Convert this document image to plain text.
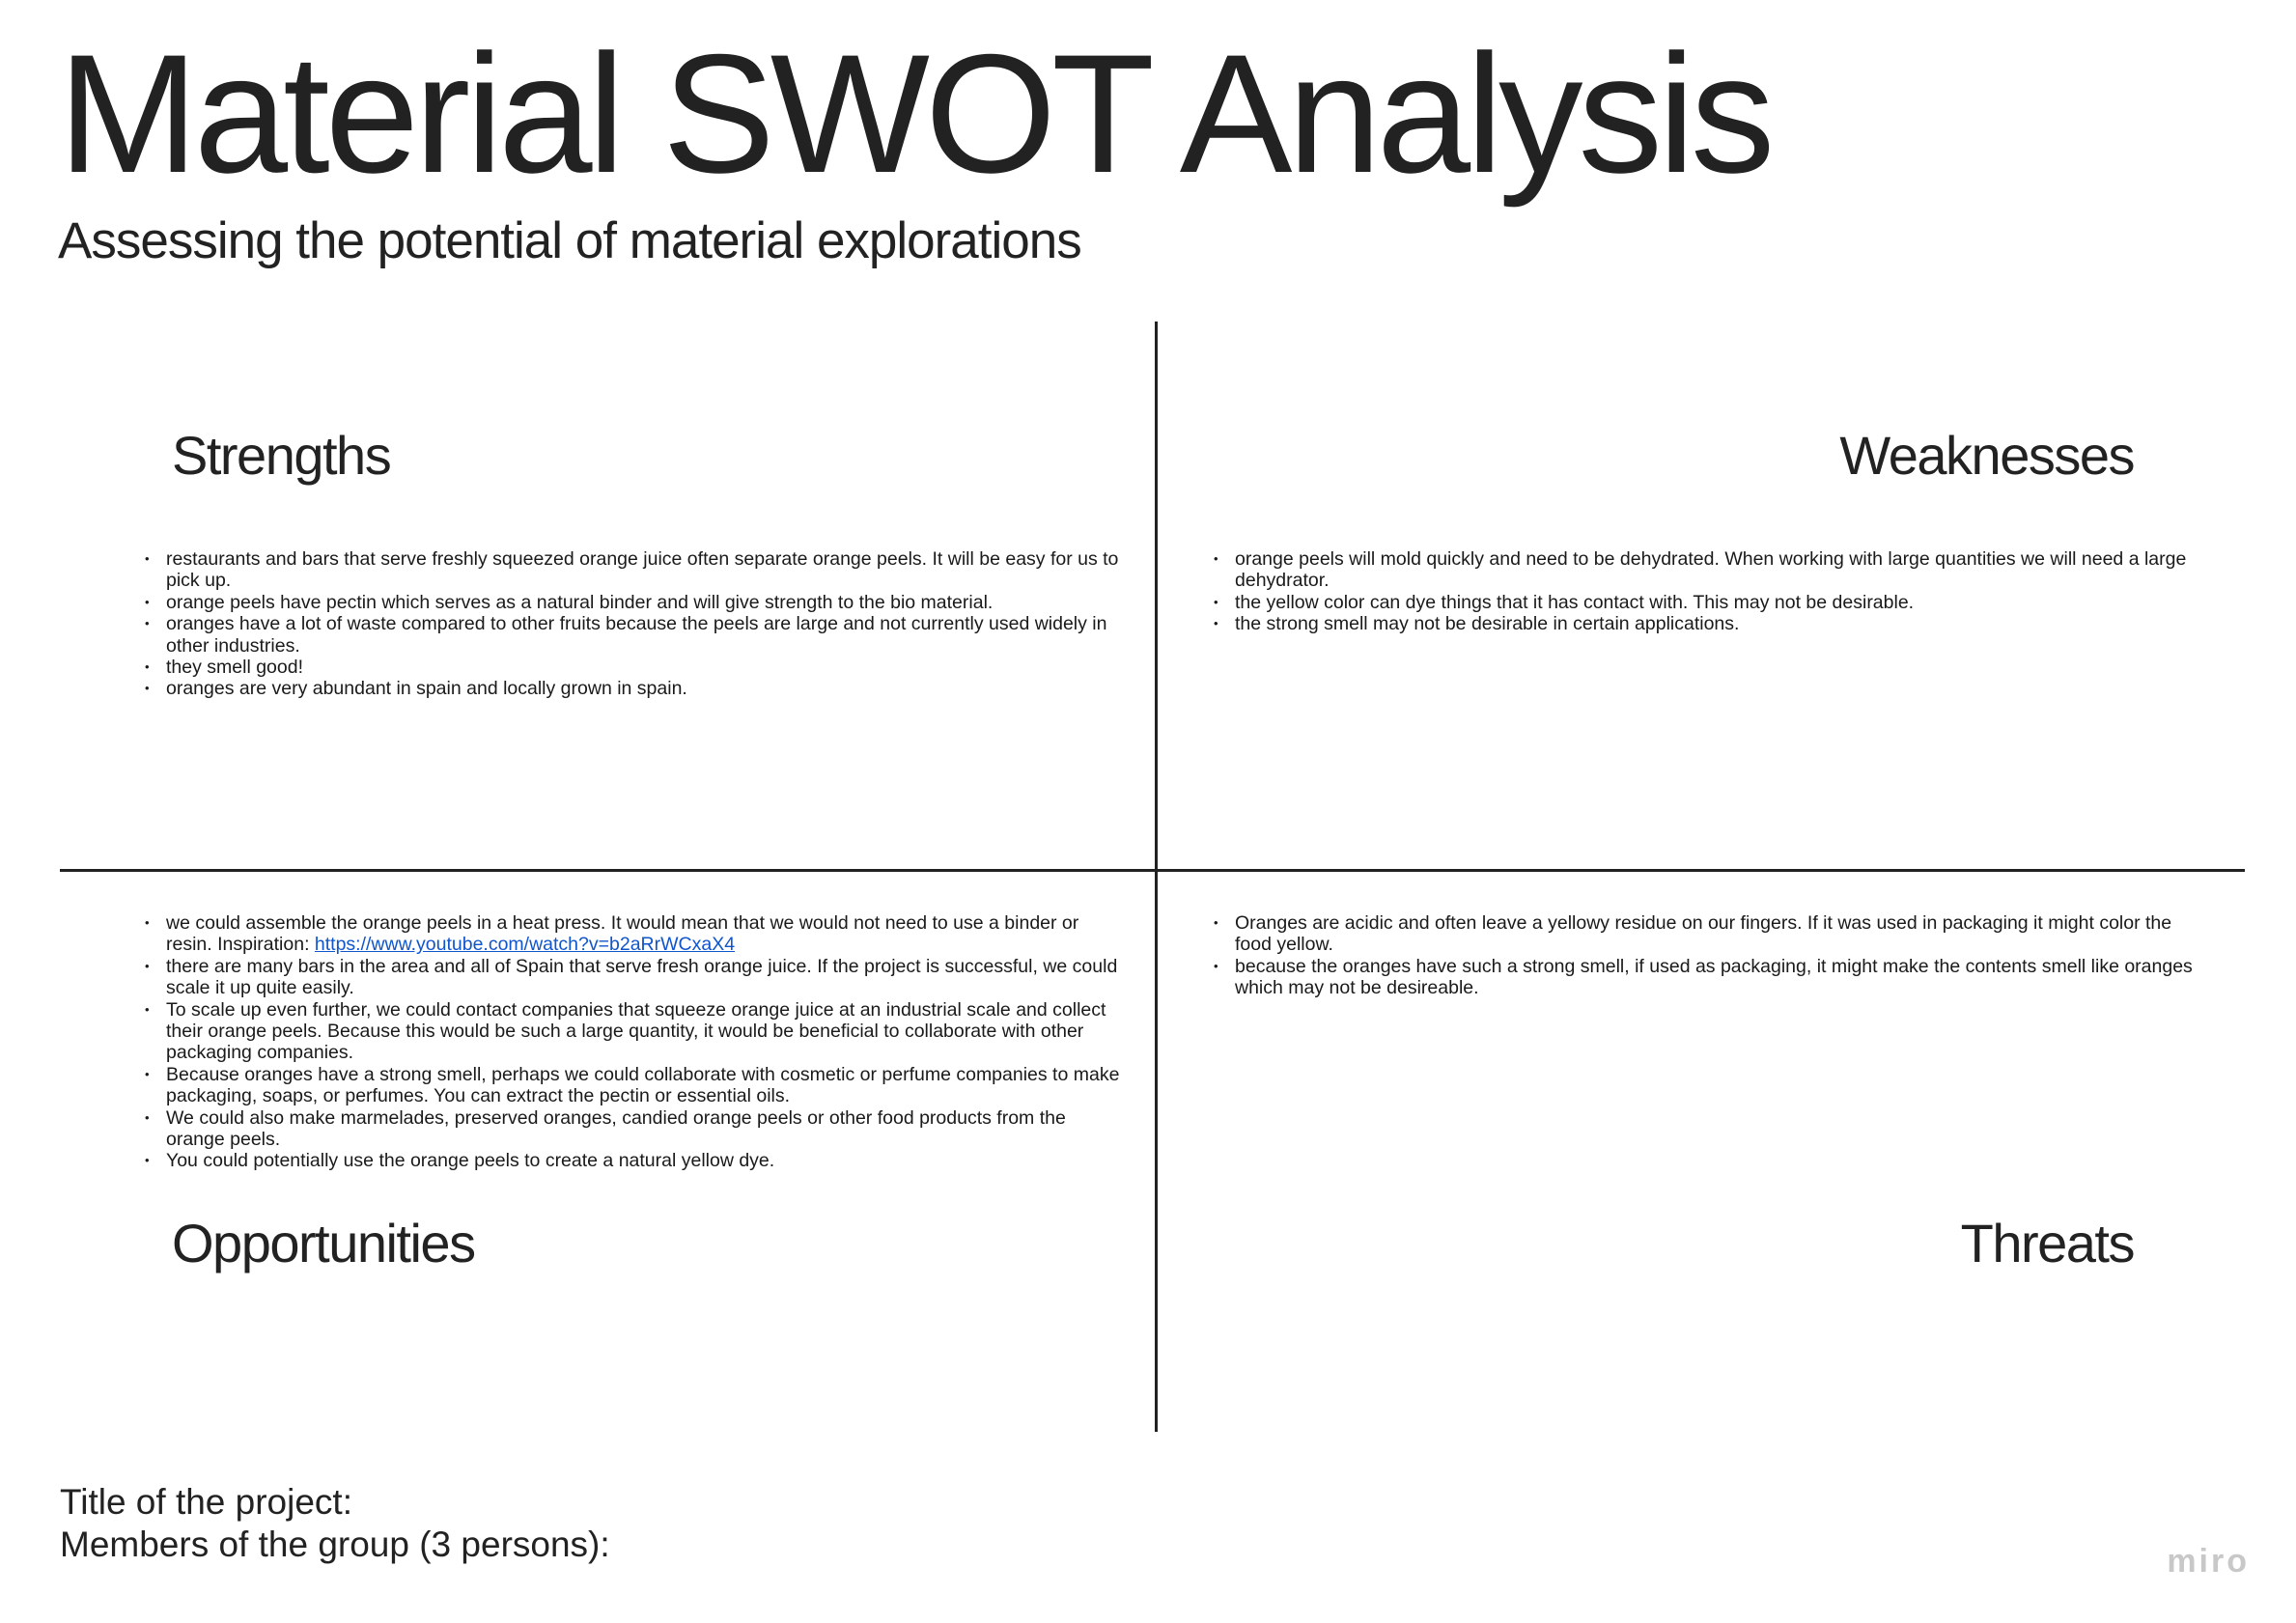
Material SWOT Analysis
Assessing the potential of material explorations
Strengths	Weaknesses
Opportunities	Threats
• restaurants and bars that serve freshly squeezed orange juice often separate orange peels. It will be easy for us to pick up.
• orange peels have pectin which serves as a natural binder and will give strength to the bio material.
• oranges have a lot of waste compared to other fruits because the peels are large and not currently used widely in other industries.
• they smell good!
• oranges are very abundant in spain and locally grown in spain.
• orange peels will mold quickly and need to be dehydrated. When working with large quantities we will need a large dehydrator.
• the yellow color can dye things that it has contact with. This may not be desirable.
• the strong smell may not be desirable in certain applications.
• we could assemble the orange peels in a heat press. It would mean that we would not need to use a binder or resin. Inspiration: https://www.youtube.com/watch?v=b2aRrWCxaX4
• there are many bars in the area and all of Spain that serve fresh orange juice. If the project is successful, we could scale it up quite easily.
• To scale up even further, we could contact companies that squeeze orange juice at an industrial scale and collect their orange peels. Because this would be such a large quantity, it would be beneficial to collaborate with other packaging companies.
• Because oranges have a strong smell, perhaps we could collaborate with cosmetic or perfume companies to make packaging, soaps, or perfumes. You can extract the pectin or essential oils.
• We could also make marmelades, preserved oranges, candied orange peels or other food products from the orange peels.
• You could potentially use the orange peels to create a natural yellow dye.
• Oranges are acidic and often leave a yellowy residue on our fingers. If it was used in packaging it might color the food yellow.
• because the oranges have such a strong smell, if used as packaging, it might make the contents smell like oranges which may not be desireable.

Title of the project:

Members of the group (3 persons):	miro
